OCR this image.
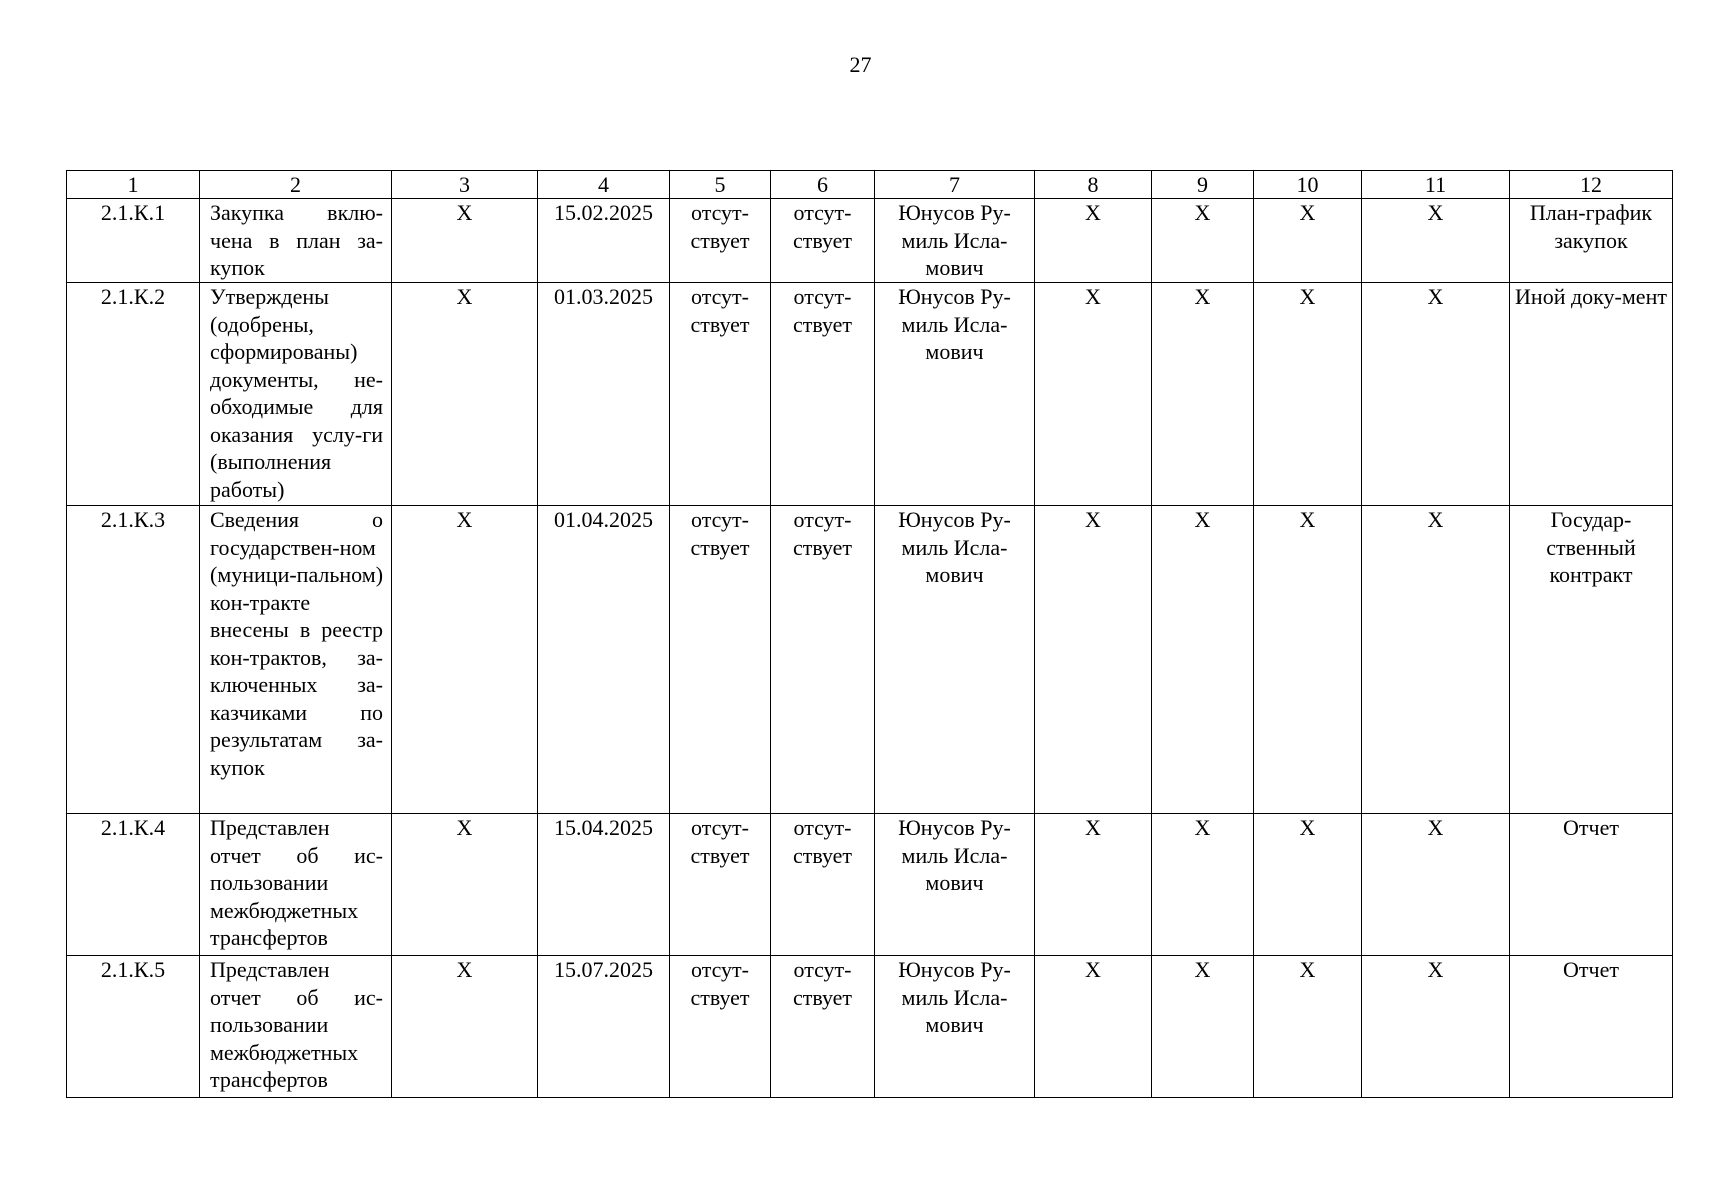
27
1	2	3	4	5	6	7	8	9	10	11	12
2.1.К.1	Закупка вклю-чена в план за-купок	X	15.02.2025	отсут-ствует	отсут-ствует	Юнусов Ру-миль Исла-мович	X	X	X	X	План-график закупок
2.1.К.2	Утверждены (одобрены, сформированы) документы, не-обходимые для оказания услу-ги (выполнения работы)	X	01.03.2025	отсут-ствует	отсут-ствует	Юнусов Ру-миль Исла-мович	X	X	X	X	Иной доку-мент
2.1.К.3	Сведения о государствен-ном (муници-пальном) кон-тракте внесены в реестр кон-трактов, за-ключенных за-казчиками по результатам за-купок	X	01.04.2025	отсут-ствует	отсут-ствует	Юнусов Ру-миль Исла-мович	X	X	X	X	Государ-ственный контракт
2.1.К.4	Представлен отчет об ис-пользовании межбюджетных трансфертов	X	15.04.2025	отсут-ствует	отсут-ствует	Юнусов Ру-миль Исла-мович	X	X	X	X	Отчет
2.1.К.5	Представлен отчет об ис-пользовании межбюджетных трансфертов	X	15.07.2025	отсут-ствует	отсут-ствует	Юнусов Ру-миль Исла-мович	X	X	X	X	Отчет
